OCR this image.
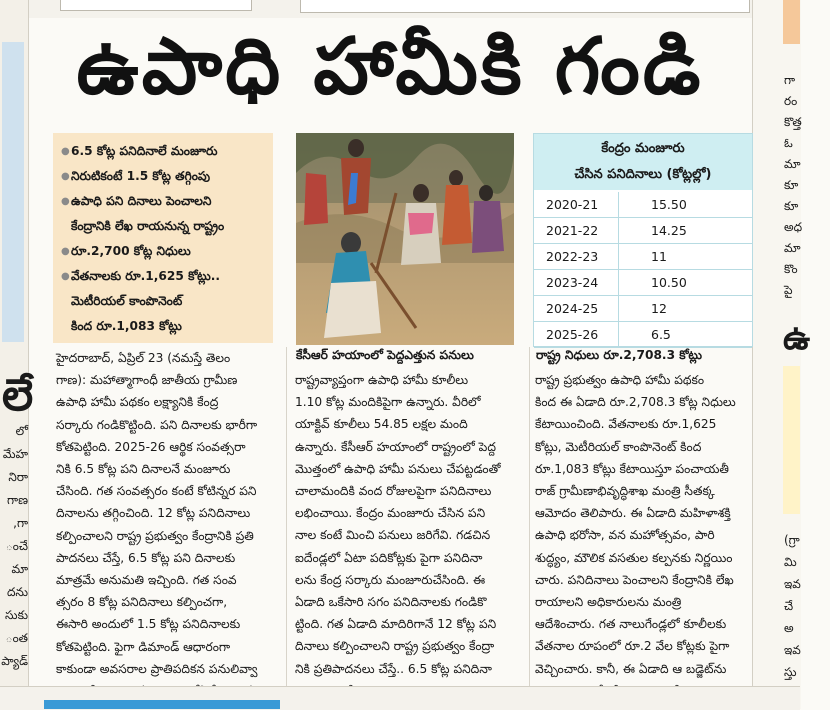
లే
లో
మేహ
నిరా
గాణ
గా,
ంచే
మా
దను
సుకు
ంత
ప్యాడ్
ఉ
గా
రం
కొత్త
ఓ
మా
కూ
కూ
అధ
మా
కొం
పై
(గ్రా
మి
ఇవ
చే
అ
ఇవ
స్తు
ఉపాధి హామీకి గండి
● 6.5 కోట్ల పనిదినాలే మంజూరు
● నిరుటికంటే 1.5 కోట్ల తగ్గింపు
● ఉపాధి పని దినాలు పెంచాలని
కేంద్రానికి లేఖ రాయనున్న రాష్ట్రం
● రూ.2,700 కోట్ల నిధులు
● వేతనాలకు రూ.1,625 కోట్లు..
మెటీరియల్ కాంపొనెంట్
కింద రూ.1,083 కోట్లు
కేసీఆర్ హయాంలో పెద్దఎత్తున పనులు
కేంద్రం మంజూరు
చేసిన పనిదినాలు (కోట్లల్లో)
2020-21	15.50
2021-22	14.25
2022-23	11
2023-24	10.50
2024-25	12
2025-26	6.5
రాష్ట్ర నిధులు రూ.2,708.3 కోట్లు
హైదరాబాద్, ఏప్రిల్ 23 (నమస్తే తెలం
గాణ): మహాత్మాగాంధీ జాతీయ గ్రామీణ
ఉపాధి హామీ పథకం లక్ష్యానికి కేంద్ర
సర్కారు గండికొట్టింది. పని దినాలకు భారీగా
కోతపెట్టింది. 2025-26 ఆర్థిక సంవత్సరా
నికి 6.5 కోట్ల పని దినాలనే మంజూరు
చేసింది. గత సంవత్సరం కంటే కోటిన్నర పని
దినాలను తగ్గించింది. 12 కోట్ల పనిదినాలు
కల్పించాలని రాష్ట్ర ప్రభుత్వం కేంద్రానికి ప్రతి
పాదనలు చేస్తే, 6.5 కోట్ల పని దినాలకు
మాత్రమే అనుమతి ఇచ్చింది. గత సంవ
త్సరం 8 కోట్ల పనిదినాలు కల్పించగా,
ఈసారి అందులో 1.5 కోట్ల పనిదినాలకు
కోతపెట్టింది. ఫైగా డిమాండ్ ఆధారంగా
కాకుండా అవసరాల ప్రాతిపదికన పనులివ్వా
రాష్ట్రవ్యాప్తంగా ఉపాధి హామీ కూలీలు
1.10 కోట్ల మందికిపైగా ఉన్నారు. వీరిలో
యాక్టివ్ కూలీలు 54.85 లక్షల మంది
ఉన్నారు. కేసీఆర్ హయాంలో రాష్ట్రంలో పెద్ద
మొత్తంలో ఉపాధి హామీ పనులు చేపట్టడంతో
చాలామందికి వంద రోజులపైగా పనిదినాలు
లభించాయి. కేంద్రం మంజూరు చేసిన పని
నాల కంటే మించి పనులు జరిగేవి. గడచిన
ఐదేండ్లలో ఏటా పదికోట్లకు పైగా పనిదినా
లను కేంద్ర సర్కారు మంజూరుచేసింది. ఈ
ఏడాది ఒకేసారి సగం పనిదినాలకు గండికొ
ట్టింది. గత ఏడాది మాదిరిగానే 12 కోట్ల పని
దినాలు కల్పించాలని రాష్ట్ర ప్రభుత్వం కేంద్రా
నికి ప్రతిపాదనలు చేస్తే.. 6.5 కోట్ల పనిదినా
రాష్ట్ర ప్రభుత్వం ఉపాధి హామీ పథకం
కింద ఈ ఏడాది రూ.2,708.3 కోట్ల నిధులు
కేటాయించింది. వేతనాలకు రూ.1,625
కోట్లు, మెటీరియల్ కాంపొనెంట్ కింద
రూ.1,083 కోట్లు కేటాయిస్తూ పంచాయతీ
రాజ్ గ్రామీణాభివృద్ధిశాఖ మంత్రి సీతక్క
ఆమోదం తెలిపారు. ఈ ఏడాది మహిళాశక్తి
ఉపాధి భరోసా, వన మహోత్సవం, పారి
శుద్ధ్యం, మౌలిక వసతుల కల్పనకు నిర్ణయిం
చారు. పనిదినాలు పెంచాలని కేంద్రానికి లేఖ
రాయాలని అధికారులను మంత్రి
ఆదేశించారు. గత నాలుగేండ్లలో కూలీలకు
వేతనాల రూపంలో రూ.2 వేల కోట్లకు పైగా
వెచ్చించారు. కానీ, ఈ ఏడాది ఆ బడ్జెట్‌ను
